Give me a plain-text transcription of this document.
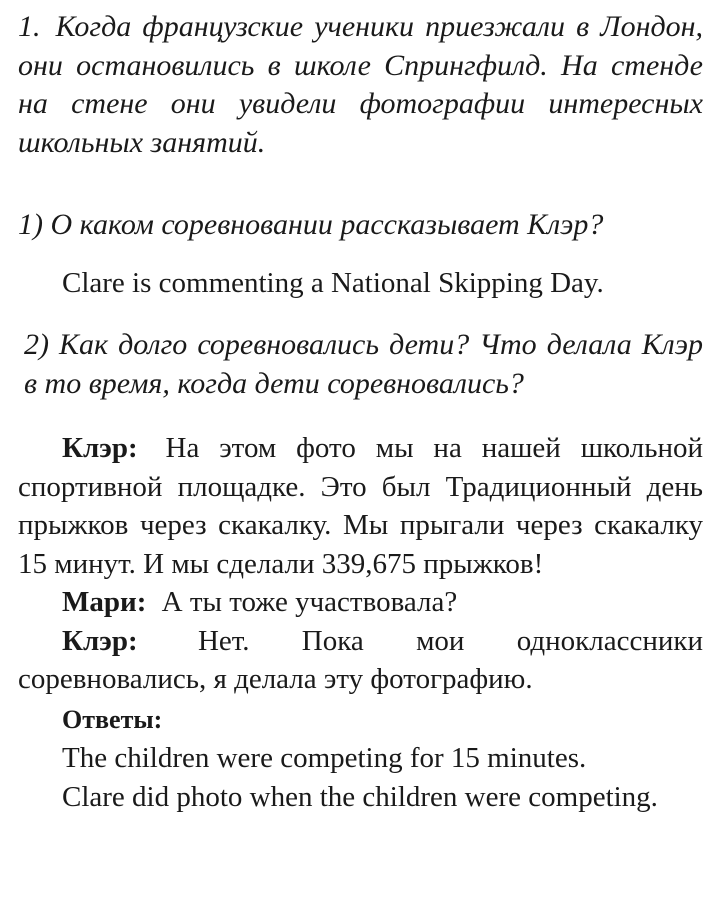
1. Когда французские ученики приезжали в Лондон, они остановились в школе Спрингфилд. На стенде на стене они увидели фотографии интересных школьных занятий.

1) О каком соревновании рассказывает Клэр?

Clare is commenting a National Skipping Day.

2) Как долго соревновались дети? Что делала Клэр в то время, когда дети соревновались?

Клэр: На этом фото мы на нашей школьной спортивной площадке. Это был Традиционный день прыжков через скакалку. Мы прыгали через скакалку 15 минут. И мы сделали 339,675 прыжков!

Мари: А ты тоже участвовала?

Клэр: Нет. Пока мои одноклассники соревновались, я делала эту фотографию.

Ответы:

The children were competing for 15 minutes.

Clare did photo when the children were competing.
